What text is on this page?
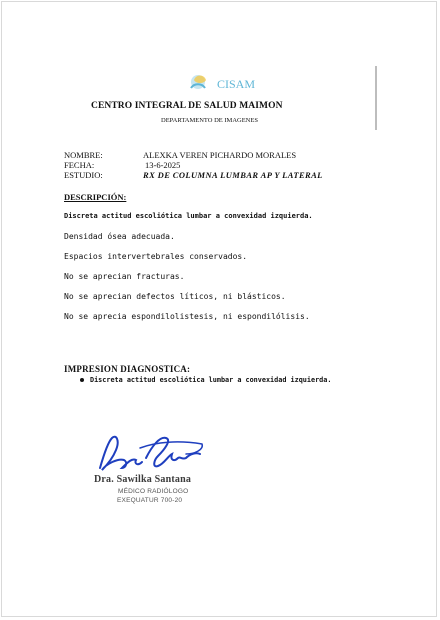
CISAM
CENTRO INTEGRAL DE SALUD MAIMON
DEPARTAMENTO DE IMAGENES
NOMBRE:	ALEXKA VEREN PICHARDO MORALES
FECHA:	13-6-2025
ESTUDIO:	RX DE COLUMNA LUMBAR AP Y LATERAL
DESCRIPCIÓN:
Discreta actitud escoliótica lumbar a convexidad izquierda.
Densidad ósea adecuada.
Espacios intervertebrales conservados.
No se aprecian fracturas.
No se aprecian defectos líticos, ni blásticos.
No se aprecia espondilolistesis, ni espondilólisis.
IMPRESION DIAGNOSTICA:
Discreta actitud escoliótica lumbar a convexidad izquierda.
Dra. Sawilka Santana
MÉDICO RADIÓLOGO
EXEQUATUR 700-20
